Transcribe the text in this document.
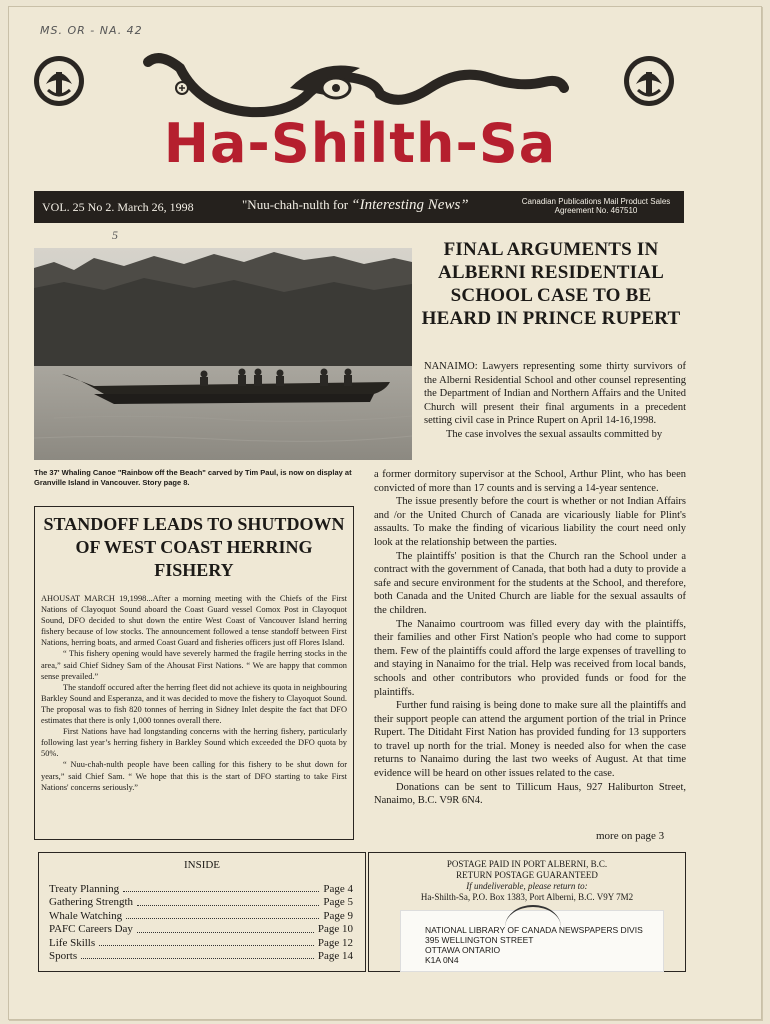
MS. OR - NA. 42
Ha-Shilth-Sa
VOL. 25 No 2. March 26, 1998	"Nuu-chah-nulth for “Interesting News”	Canadian Publications Mail Product Sales
Agreement No. 467510
5
The 37' Whaling Canoe "Rainbow off the Beach" carved by Tim Paul, is now on display at Granville Island in Vancouver. Story page 8.
FINAL ARGUMENTS IN ALBERNI RESIDENTIAL SCHOOL CASE TO BE HEARD IN PRINCE RUPERT

NANAIMO: Lawyers representing some thirty survivors of the Alberni Residential School and other counsel representing the Department of Indian and Northern Affairs and the United Church will present their final arguments in a precedent setting civil case in Prince Rupert on April 14-16,1998.

The case involves the sexual assaults committed by

a former dormitory supervisor at the School, Arthur Plint, who has been convicted of more than 17 counts and is serving a 14-year sentence.

The issue presently before the court is whether or not Indian Affairs and /or the United Church of Canada are vicariously liable for Plint's assaults. To make the finding of vicarious liability the court need only look at the relationship between the parties.

The plaintiffs' position is that the Church ran the School under a contract with the government of Canada, that both had a duty to provide a safe and secure environment for the students at the School, and therefore, both Canada and the United Church are liable for the sexual assaults of the children.

The Nanaimo courtroom was filled every day with the plaintiffs, their families and other First Nation's people who had come to support them. Few of the plaintiffs could afford the large expenses of travelling to and staying in Nanaimo for the trial. Help was received from local bands, schools and other contributors who provided funds or food for the plaintiffs.

Further fund raising is being done to make sure all the plaintiffs and their support people can attend the argument portion of the trial in Prince Rupert. The Ditidaht First Nation has provided funding for 13 supporters to travel up north for the trial. Money is needed also for when the case returns to Nanaimo during the last two weeks of August. At that time evidence will be heard on other issues related to the case.

Donations can be sent to Tillicum Haus, 927 Haliburton Street, Nanaimo, B.C. V9R 6N4.

more on page 3
STANDOFF LEADS TO SHUTDOWN OF WEST COAST HERRING FISHERY

AHOUSAT MARCH 19,1998...After a morning meeting with the Chiefs of the First Nations of Clayoquot Sound aboard the Coast Guard vessel Comox Post in Clayoquot Sound, DFO decided to shut down the entire West Coast of Vancouver Island herring fishery because of low stocks. The announcement followed a tense standoff between First Nations, herring boats, and armed Coast Guard and fisheries officers just off Flores Island.

“ This fishery opening would have severely harmed the fragile herring stocks in the area,” said Chief Sidney Sam of the Ahousat First Nations. “ We are happy that common sense prevailed.”

The standoff occured after the herring fleet did not achieve its quota in neighbouring Barkley Sound and Esperanza, and it was decided to move the fishery to Clayoquot Sound. The proposal was to fish 820 tonnes of herring in Sidney Inlet despite the fact that DFO estimates that there is only 1,000 tonnes overall there.

First Nations have had longstanding concerns with the herring fishery, particularly following last year’s herring fishery in Barkley Sound which exceeded the DFO quota by 50%.

“ Nuu-chah-nulth people have been calling for this fishery to be shut down for years,” said Chief Sam. “ We hope that this is the start of DFO starting to take First Nations' concerns seriously.”

INSIDE
Treaty Planning	Page 4
Gathering Strength	Page 5
Whale Watching	Page 9
PAFC Careers Day	Page 10
Life Skills	Page 12
Sports	Page 14
POSTAGE PAID IN PORT ALBERNI, B.C.
RETURN POSTAGE GUARANTEED
If undeliverable, please return to:
Ha-Shilth-Sa, P.O. Box 1383, Port Alberni, B.C. V9Y 7M2
NATIONAL LIBRARY OF CANADA NEWSPAPERS DIVIS
395 WELLINGTON STREET
OTTAWA ONTARIO
K1A 0N4
